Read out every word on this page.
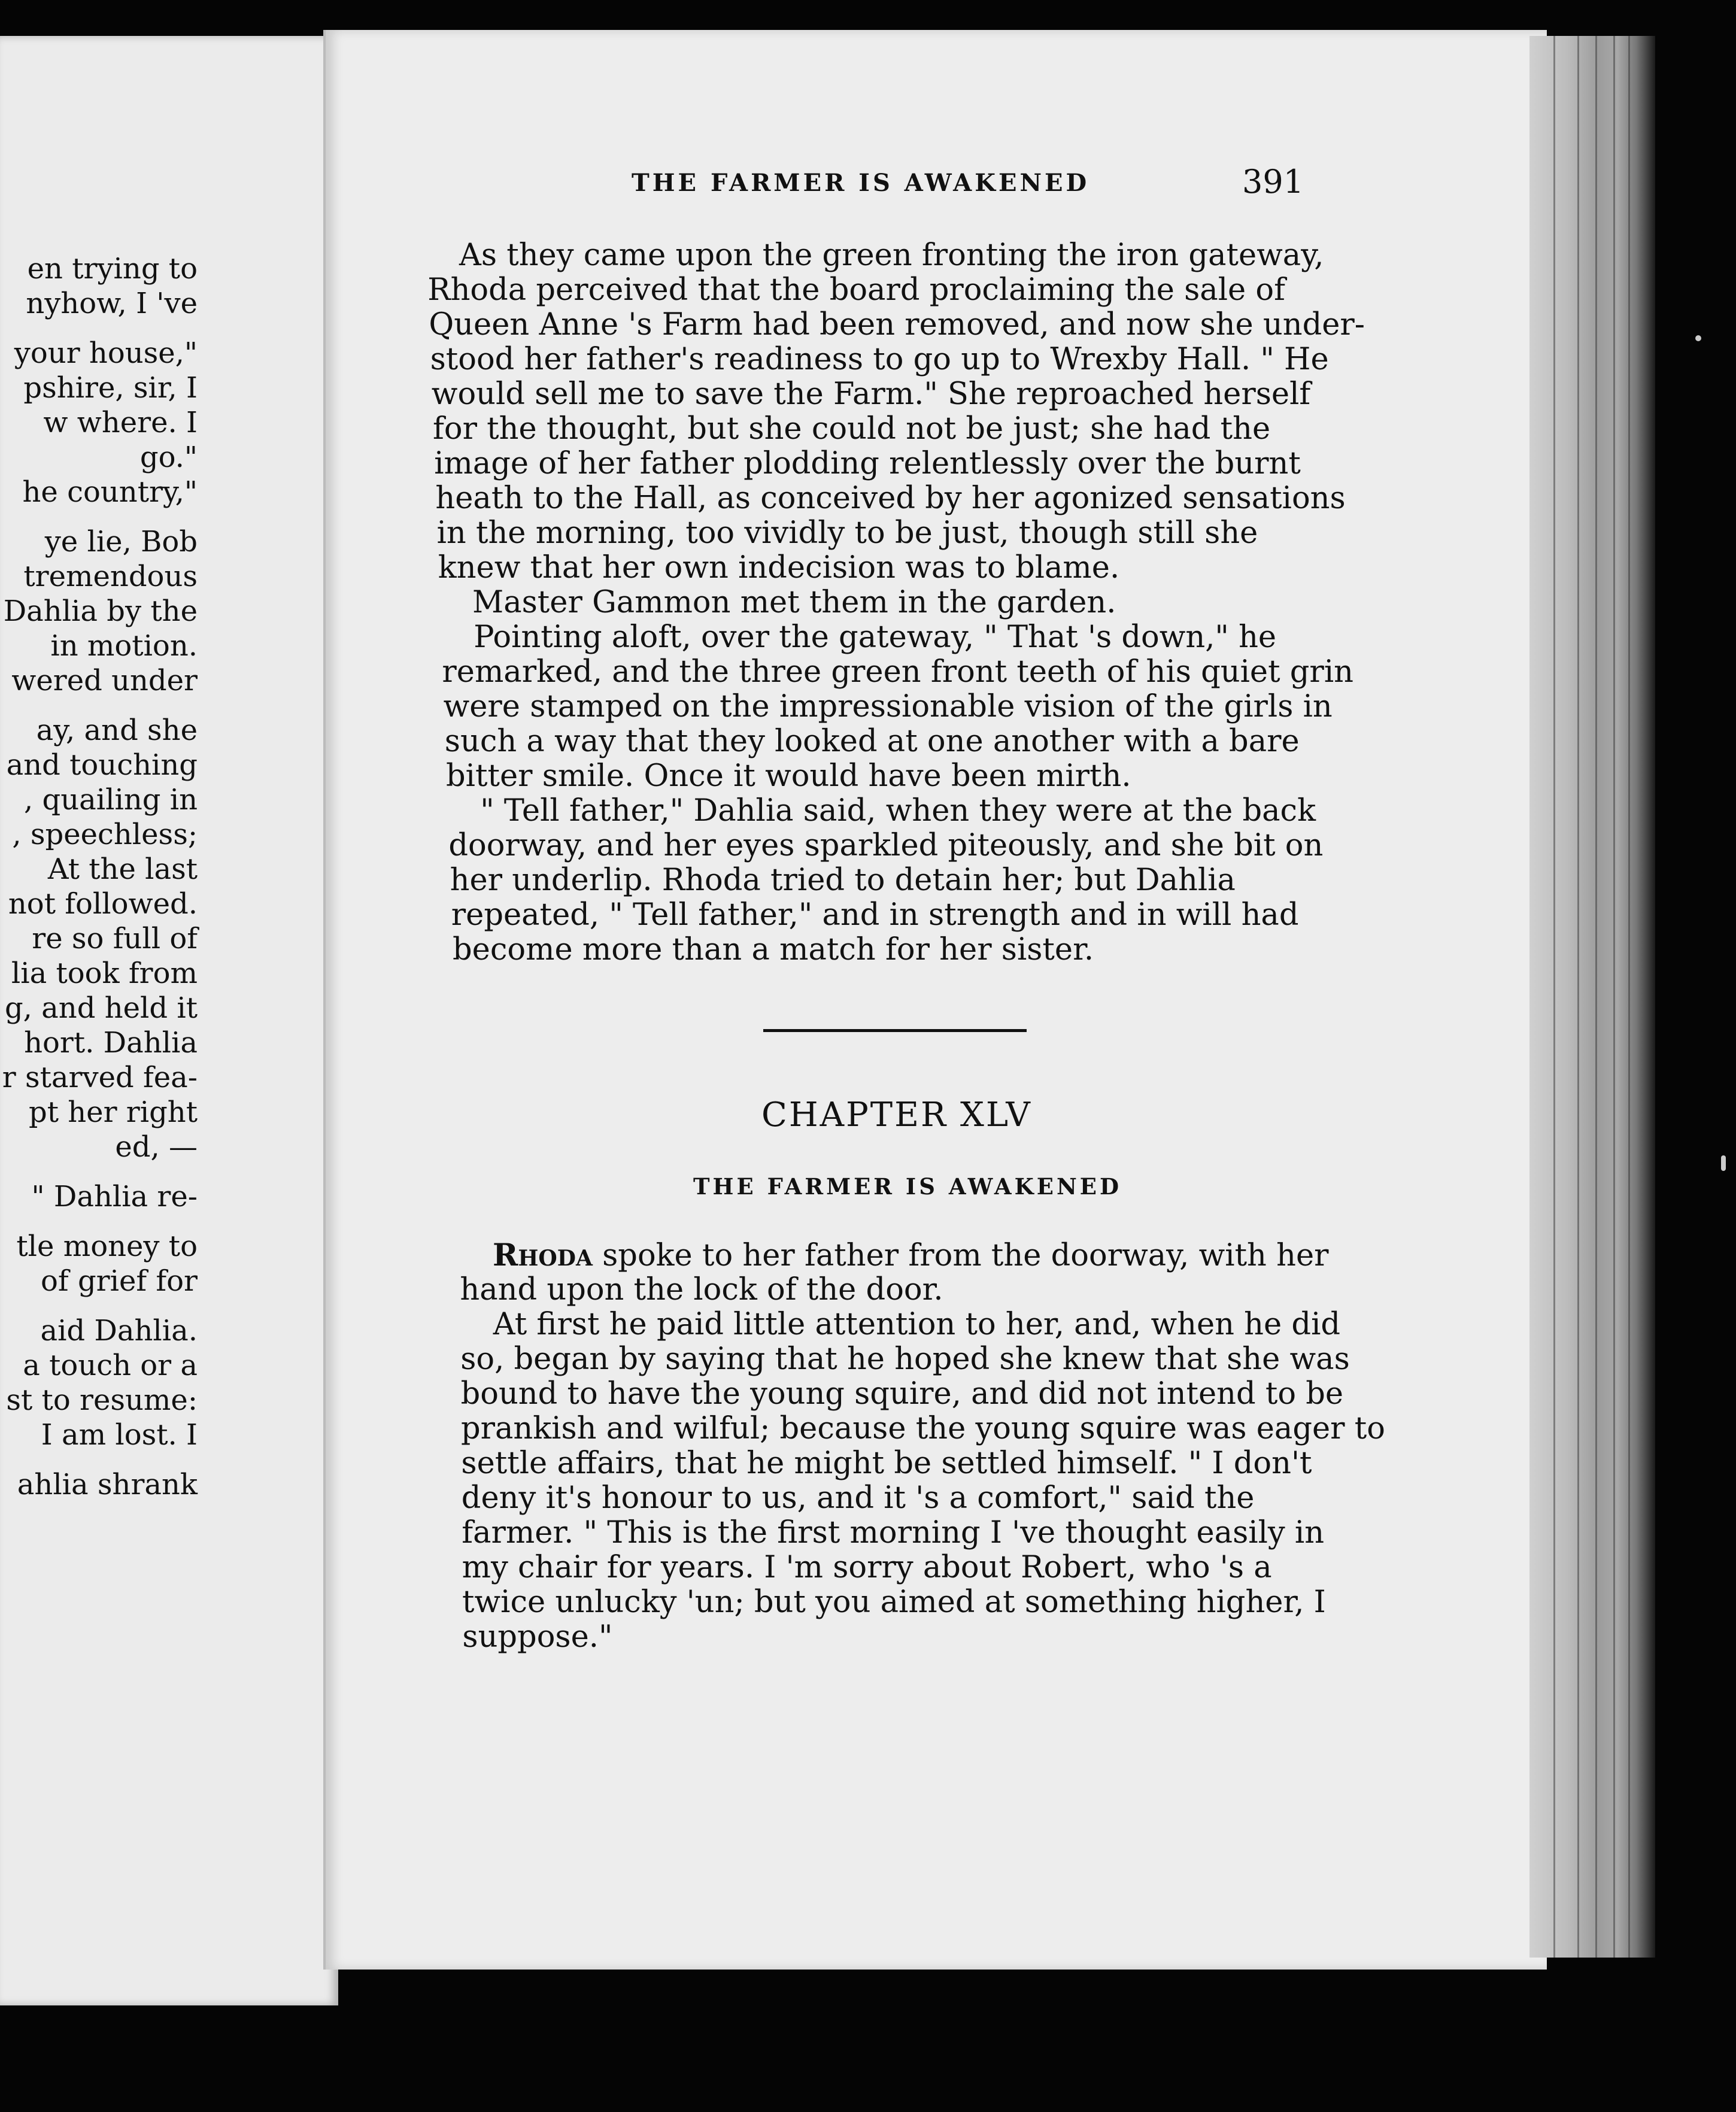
en trying to
nyhow, I 've
your house,"
pshire, sir, I
w where. I
go."
he country,"
ye lie, Bob
tremendous
Dahlia by the
in motion.
wered under
ay, and she
and touching
, quailing in
, speechless;
At the last
not followed.
re so full of
lia took from
g, and held it
hort. Dahlia
r starved fea-
pt her right
ed, —
" Dahlia re-
tle money to
of grief for
aid Dahlia.
a touch or a
st to resume:
I am lost. I
ahlia shrank
THE FARMER IS AWAKENED	391
As they came upon the green fronting the iron gateway,
Rhoda perceived that the board proclaiming the sale of
Queen Anne 's Farm had been removed, and now she under-
stood her father's readiness to go up to Wrexby Hall. " He
would sell me to save the Farm." She reproached herself
for the thought, but she could not be just; she had the
image of her father plodding relentlessly over the burnt
heath to the Hall, as conceived by her agonized sensations
in the morning, too vividly to be just, though still she
knew that her own indecision was to blame.
Master Gammon met them in the garden.
Pointing aloft, over the gateway, " That 's down," he
remarked, and the three green front teeth of his quiet grin
were stamped on the impressionable vision of the girls in
such a way that they looked at one another with a bare
bitter smile. Once it would have been mirth.
" Tell father," Dahlia said, when they were at the back
doorway, and her eyes sparkled piteously, and she bit on
her underlip. Rhoda tried to detain her; but Dahlia
repeated, " Tell father," and in strength and in will had
become more than a match for her sister.
CHAPTER XLV
THE FARMER IS AWAKENED
Rhoda spoke to her father from the doorway, with her
hand upon the lock of the door.
At first he paid little attention to her, and, when he did
so, began by saying that he hoped she knew that she was
bound to have the young squire, and did not intend to be
prankish and wilful; because the young squire was eager to
settle affairs, that he might be settled himself. " I don't
deny it's honour to us, and it 's a comfort," said the
farmer. " This is the first morning I 've thought easily in
my chair for years. I 'm sorry about Robert, who 's a
twice unlucky 'un; but you aimed at something higher, I
suppose."
